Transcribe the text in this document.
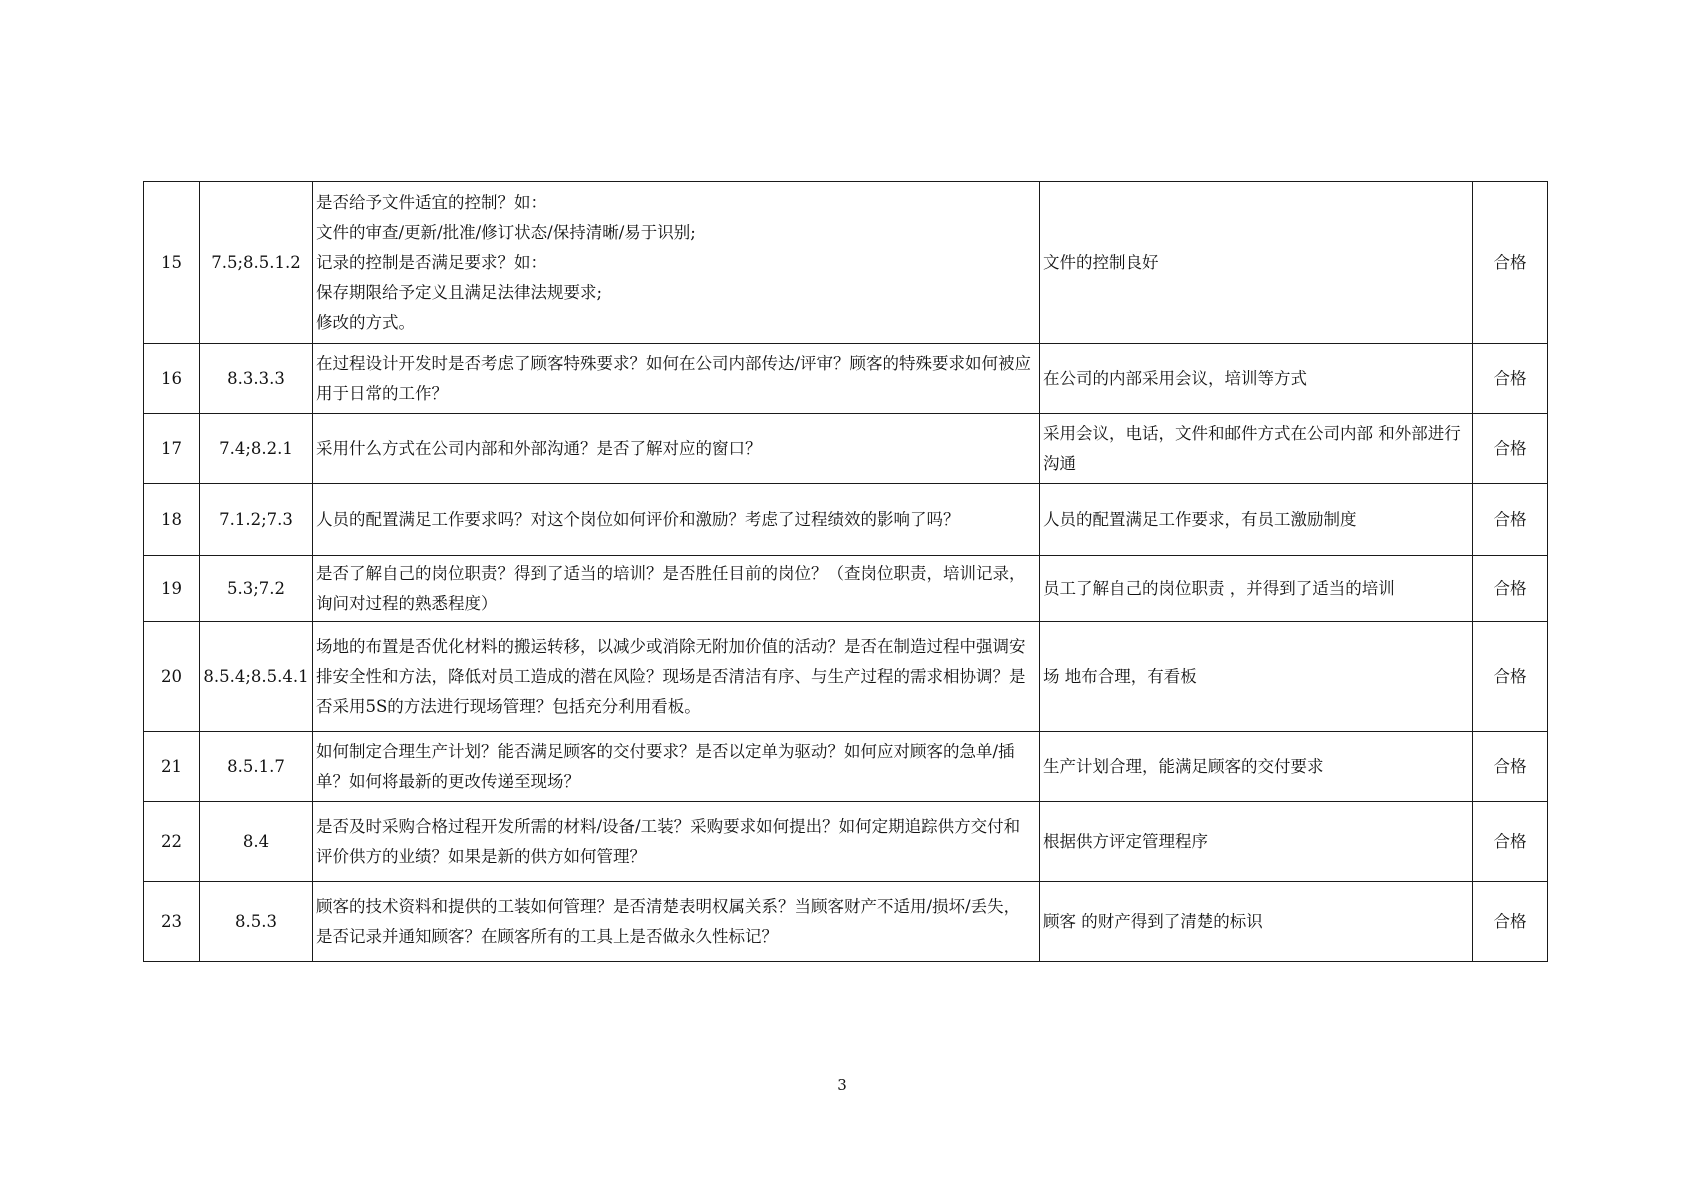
15	7.5;8.5.1.2	是否给予文件适宜的控制？如：
文件的审查/更新/批准/修订状态/保持清晰/易于识别;
记录的控制是否满足要求？如：
保存期限给予定义且满足法律法规要求;
修改的方式。	文件的控制良好	合格
16	8.3.3.3	在过程设计开发时是否考虑了顾客特殊要求？如何在公司内部传达/评审？顾客的特殊要求如何被应用于日常的工作？	在公司的内部采用会议，培训等方式	合格
17	7.4;8.2.1	采用什么方式在公司内部和外部沟通？是否了解对应的窗口？	采用会议，电话，文件和邮件方式在公司内部 和外部进行沟通	合格
18	7.1.2;7.3	人员的配置满足工作要求吗？对这个岗位如何评价和激励？考虑了过程绩效的影响了吗？	人员的配置满足工作要求，有员工激励制度	合格
19	5.3;7.2	是否了解自己的岗位职责？得到了适当的培训？是否胜任目前的岗位？（查岗位职责，培训记录，询问对过程的熟悉程度）	员工了解自己的岗位职责 ，并得到了适当的培训	合格
20	8.5.4;8.5.4.1	场地的布置是否优化材料的搬运转移，以减少或消除无附加价值的活动？是否在制造过程中强调安排安全性和方法，降低对员工造成的潜在风险？现场是否清洁有序、与生产过程的需求相协调？是否采用5S的方法进行现场管理？包括充分利用看板。	场 地布合理，有看板	合格
21	8.5.1.7	如何制定合理生产计划？能否满足顾客的交付要求？是否以定单为驱动？如何应对顾客的急单/插单？如何将最新的更改传递至现场？	生产计划合理，能满足顾客的交付要求	合格
22	8.4	是否及时采购合格过程开发所需的材料/设备/工装？采购要求如何提出？如何定期追踪供方交付和评价供方的业绩？如果是新的供方如何管理？	根据供方评定管理程序	合格
23	8.5.3	顾客的技术资料和提供的工装如何管理？是否清楚表明权属关系？当顾客财产不适用/损坏/丢失，是否记录并通知顾客？在顾客所有的工具上是否做永久性标记？	顾客 的财产得到了清楚的标识	合格
3
